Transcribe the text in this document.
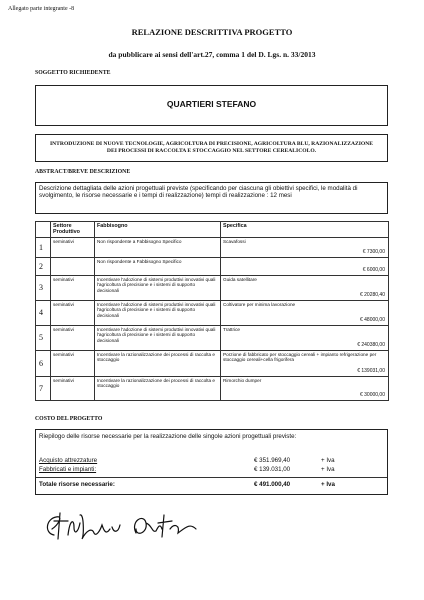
Allegato parte integrante -8
RELAZIONE DESCRITTIVA PROGETTO
da pubblicare ai sensi dell'art.27, comma 1 del D. Lgs. n. 33/2013
SOGGETTO RICHIEDENTE
QUARTIERI STEFANO
INTRODUZIONE DI NUOVE TECNOLOGIE, AGRICOLTURA DI PRECISIONE, AGRICOLTURA BLU, RAZIONALIZZAZIONE DEI PROCESSI DI RACCOLTA E STOCCAGGIO NEL SETTORE CEREALICOLO.
ABSTRACT/BREVE DESCRIZIONE
Descrizione dettagliata delle azioni progettuali previste (specificando per ciascuna gli obiettivi specifici, le modalità di svolgimento, le risorse necessarie e i tempi di realizzazione) tempi di realizzazione : 12 mesi
	Settore Produttivo	Fabbisogno	Specifica
1	seminativi	Non rispondente a Fabbisogno Specifico	Scavafossi
€ 7300,00

2		Non rispondente a Fabbisogno Specifico	€ 6000,00

3	seminativi	Incentivare l'adozione di sistemi produttivi innovativi quali l'agricoltura di precisione e i sistemi di supporto decisionali	Guida satellitare
€ 20280,40

4	seminativi	Incentivare l'adozione di sistemi produttivi innovativi quali l'agricoltura di precisione e i sistemi di supporto decisionali	Coltivatore per minima lavorazione
€ 48000,00

5	seminativi	Incentivare l'adozione di sistemi produttivi innovativi quali l'agricoltura di precisione e i sistemi di supporto decisionali	Trattrice
€ 240380,00

6	seminativi	Incentivare la razionalizzazione dei processi di raccolta e stoccaggio	Porzione di fabbricato per stoccaggio cereali + impianto refrigerazione per stoccaggio cereali+cella frigorifera
€ 139031,00

7	seminativi	Incentivare la razionalizzazione dei processi di raccolta e stoccaggio	Rimorchio dumper
€ 30000,00
COSTO DEL PROGETTO
Riepilogo delle risorse necessarie per la realizzazione delle singole azioni progettuali previste:
Acquisto attrezzature	€ 351.969,40	+ Iva
Fabbricati e impianti:	€ 139.031,00	+ Iva
Totale risorse necessarie:	€ 491.000,40	+ Iva
